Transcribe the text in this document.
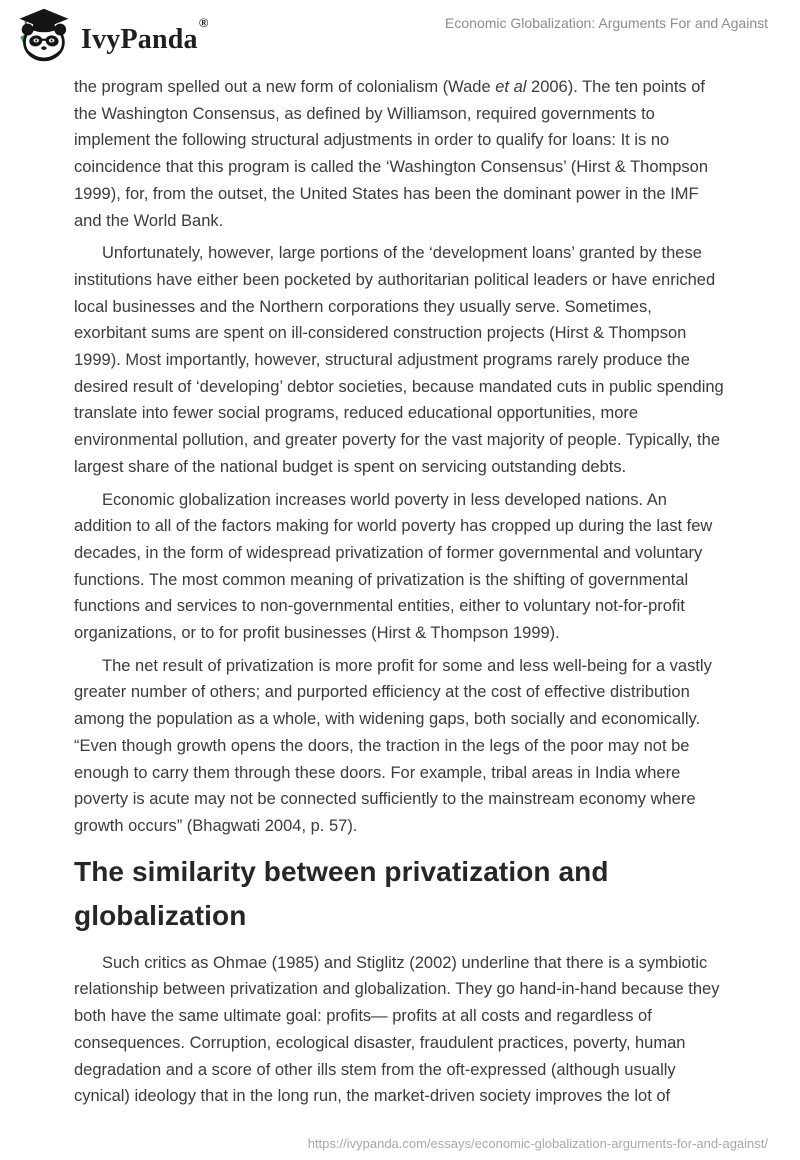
IvyPanda
®	Economic Globalization: Arguments For and Against

the program spelled out a new form of colonialism (Wade et al 2006). The ten points of the Washington Consensus, as defined by Williamson, required governments to implement the following structural adjustments in order to qualify for loans: It is no coincidence that this program is called the ‘Washington Consensus’ (Hirst & Thompson 1999), for, from the outset, the United States has been the dominant power in the IMF and the World Bank.

Unfortunately, however, large portions of the ‘development loans’ granted by these institutions have either been pocketed by authoritarian political leaders or have enriched local businesses and the Northern corporations they usually serve. Sometimes, exorbitant sums are spent on ill-considered construction projects (Hirst & Thompson 1999). Most importantly, however, structural adjustment programs rarely produce the desired result of ‘developing’ debtor societies, because mandated cuts in public spending translate into fewer social programs, reduced educational opportunities, more environmental pollution, and greater poverty for the vast majority of people. Typically, the largest share of the national budget is spent on servicing outstanding debts.

Economic globalization increases world poverty in less developed nations. An addition to all of the factors making for world poverty has cropped up during the last few decades, in the form of widespread privatization of former governmental and voluntary functions. The most common meaning of privatization is the shifting of governmental functions and services to non-governmental entities, either to voluntary not-for-profit organizations, or to for profit businesses (Hirst & Thompson 1999).

The net result of privatization is more profit for some and less well-being for a vastly greater number of others; and purported efficiency at the cost of effective distribution among the population as a whole, with widening gaps, both socially and economically. “Even though growth opens the doors, the traction in the legs of the poor may not be enough to carry them through these doors. For example, tribal areas in India where poverty is acute may not be connected sufficiently to the mainstream economy where growth occurs” (Bhagwati 2004, p. 57).

The similarity between privatization and globalization

Such critics as Ohmae (1985) and Stiglitz (2002) underline that there is a symbiotic relationship between privatization and globalization. They go hand-in-hand because they both have the same ultimate goal: profits— profits at all costs and regardless of consequences. Corruption, ecological disaster, fraudulent practices, poverty, human degradation and a score of other ills stem from the oft-expressed (although usually cynical) ideology that in the long run, the market-driven society improves the lot of

https://ivypanda.com/essays/economic-globalization-arguments-for-and-against/
